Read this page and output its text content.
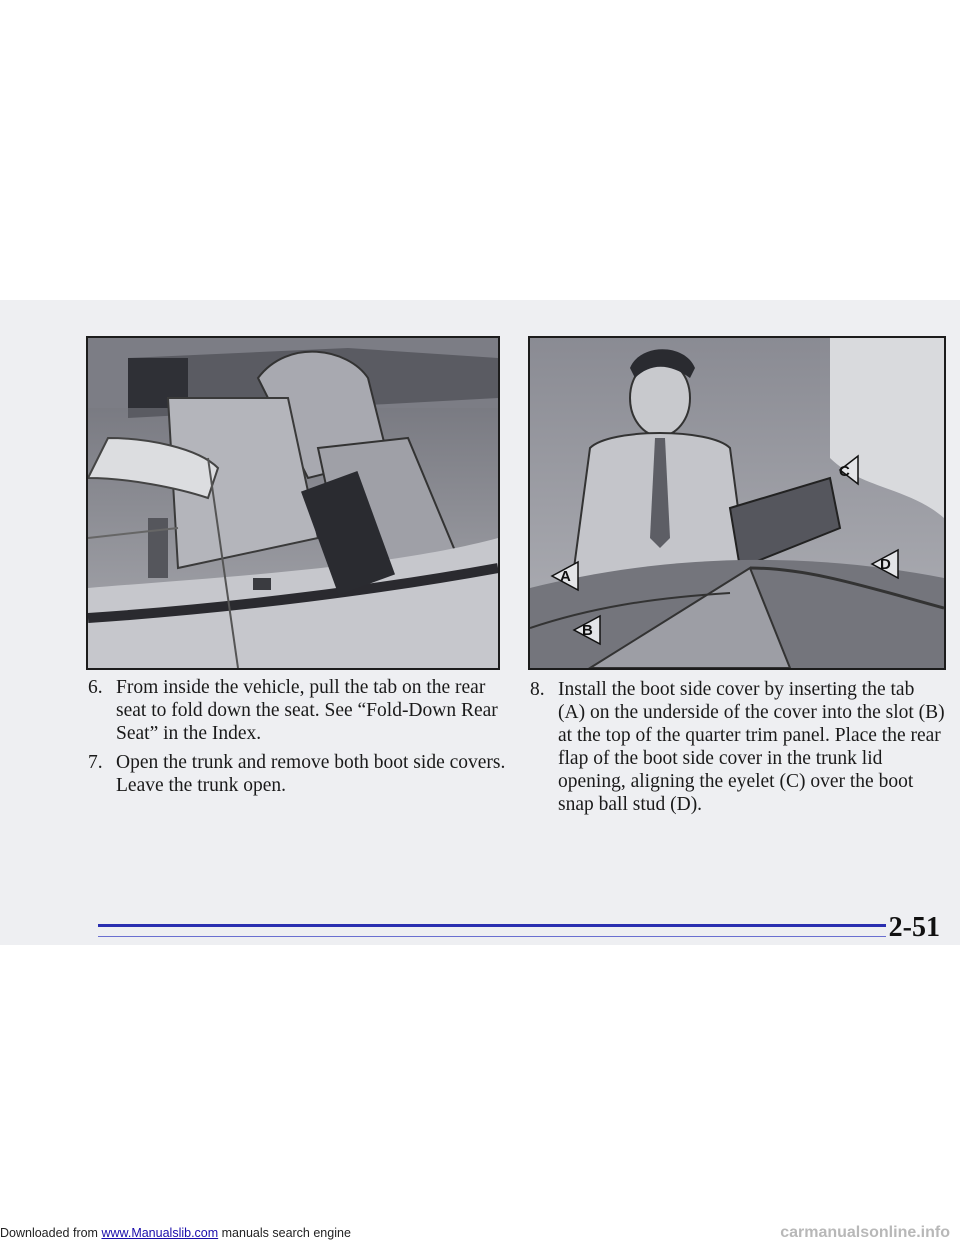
A
B
C
D

6. From inside the vehicle, pull the tab on the rear seat to fold down the seat. See “Fold-Down Rear Seat” in the Index.

7. Open the trunk and remove both boot side covers. Leave the trunk open.

8. Install the boot side cover by inserting the tab (A) on the underside of the cover into the slot (B) at the top of the quarter trim panel. Place the rear flap of the boot side cover in the trunk lid opening, aligning the eyelet (C) over the boot snap ball stud (D).

2-51
Downloaded from www.Manualslib.com manuals search engine	carmanualsonline.info
